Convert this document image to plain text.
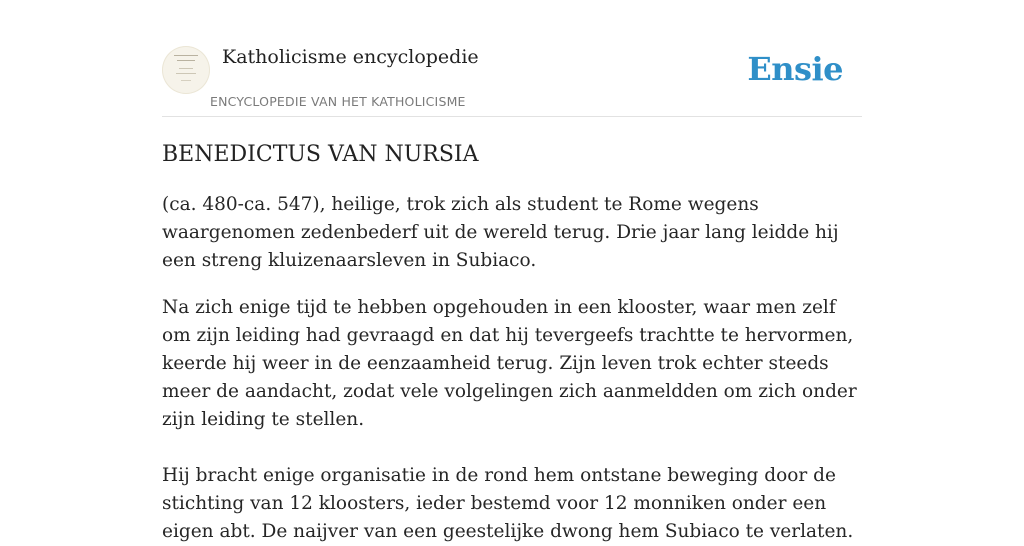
Katholicisme encyclopedie
ENCYCLOPEDIE VAN HET KATHOLICISME
Ensie
BENEDICTUS VAN NURSIA

(ca. 480-ca. 547), heilige, trok zich als student te Rome wegens waargenomen zedenbederf uit de wereld terug. Drie jaar lang leidde hij een streng kluizenaarsleven in Subiaco.

Na zich enige tijd te hebben opgehouden in een klooster, waar men zelf om zijn leiding had gevraagd en dat hij tevergeefs trachtte te hervormen, keerde hij weer in de eenzaamheid terug. Zijn leven trok echter steeds meer de aandacht, zodat vele volgelingen zich aanmeldden om zich onder zijn leiding te stellen.

Hij bracht enige organisatie in de rond hem ontstane beweging door de stichting van 12 kloosters, ieder bestemd voor 12 monniken onder een eigen abt. De naijver van een geestelijke dwong hem Subiaco te verlaten.
